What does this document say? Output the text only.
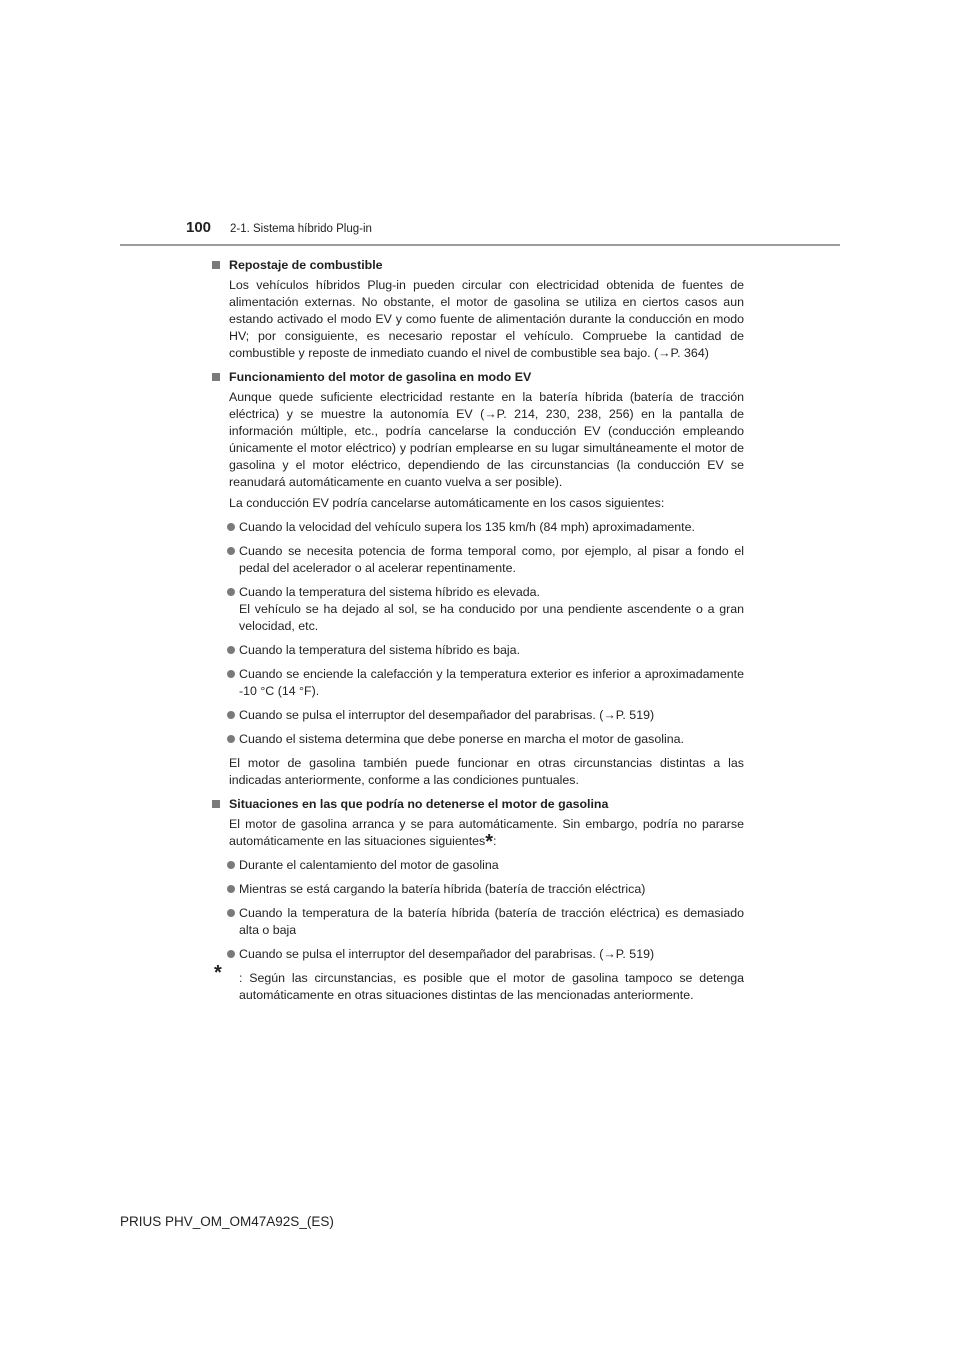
100 2-1. Sistema híbrido Plug-in
Repostaje de combustible
Los vehículos híbridos Plug-in pueden circular con electricidad obtenida de fuentes de alimentación externas. No obstante, el motor de gasolina se utiliza en ciertos casos aun estando activado el modo EV y como fuente de alimentación durante la conducción en modo HV; por consiguiente, es necesario repostar el vehículo. Compruebe la cantidad de combustible y reposte de inmediato cuando el nivel de combustible sea bajo. (→P. 364)
Funcionamiento del motor de gasolina en modo EV
Aunque quede suficiente electricidad restante en la batería híbrida (batería de tracción eléctrica) y se muestre la autonomía EV (→P. 214, 230, 238, 256) en la pantalla de información múltiple, etc., podría cancelarse la conducción EV (conducción empleando únicamente el motor eléctrico) y podrían emplearse en su lugar simultáneamente el motor de gasolina y el motor eléctrico, dependiendo de las circunstancias (la conducción EV se reanudará automáticamente en cuanto vuelva a ser posible).
La conducción EV podría cancelarse automáticamente en los casos siguientes:
Cuando la velocidad del vehículo supera los 135 km/h (84 mph) aproximadamente.
Cuando se necesita potencia de forma temporal como, por ejemplo, al pisar a fondo el pedal del acelerador o al acelerar repentinamente.
Cuando la temperatura del sistema híbrido es elevada.
El vehículo se ha dejado al sol, se ha conducido por una pendiente ascendente o a gran velocidad, etc.
Cuando la temperatura del sistema híbrido es baja.
Cuando se enciende la calefacción y la temperatura exterior es inferior a aproximadamente -10 °C (14 °F).
Cuando se pulsa el interruptor del desempañador del parabrisas. (→P. 519)
Cuando el sistema determina que debe ponerse en marcha el motor de gasolina.
El motor de gasolina también puede funcionar en otras circunstancias distintas a las indicadas anteriormente, conforme a las condiciones puntuales.
Situaciones en las que podría no detenerse el motor de gasolina
El motor de gasolina arranca y se para automáticamente. Sin embargo, podría no pararse automáticamente en las situaciones siguientes*:
Durante el calentamiento del motor de gasolina
Mientras se está cargando la batería híbrida (batería de tracción eléctrica)
Cuando la temperatura de la batería híbrida (batería de tracción eléctrica) es demasiado alta o baja
Cuando se pulsa el interruptor del desempañador del parabrisas. (→P. 519)
* : Según las circunstancias, es posible que el motor de gasolina tampoco se detenga automáticamente en otras situaciones distintas de las mencionadas anteriormente.
PRIUS PHV_OM_OM47A92S_(ES)
